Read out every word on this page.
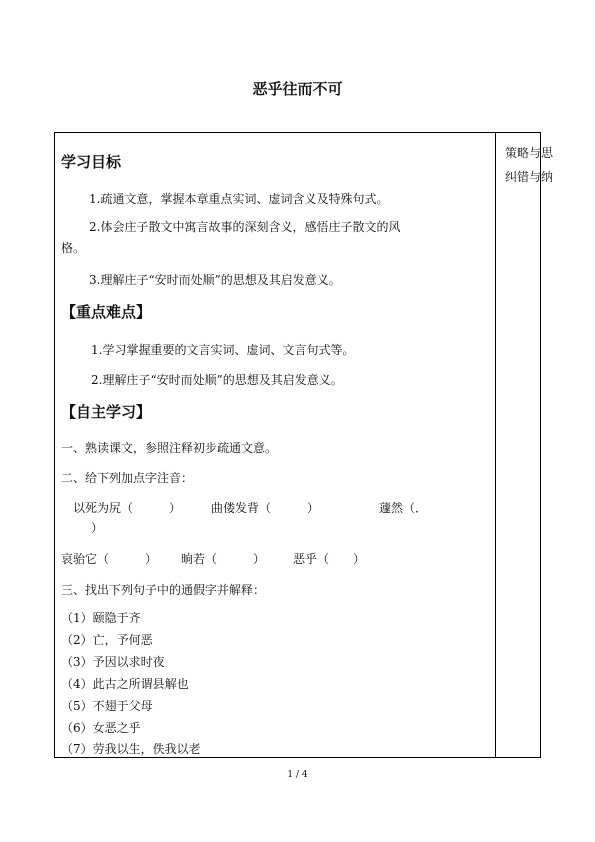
恶乎往而不可
策略与思
纠错与纳
学习目标
1.疏通文意，掌握本章重点实词、虚词含义及特殊句式。
2.体会庄子散文中寓言故事的深刻含义，感悟庄子散文的风格。
3.理解庄子“安时而处顺”的思想及其启发意义。
【重点难点】
1.学习掌握重要的文言实词、虚词、文言句式等。
2.理解庄子“安时而处顺”的思想及其启发意义。
【自主学习】
一、熟读课文，参照注释初步疏通文意。
二、给下列加点字注音：
以死为尻（　　　） 曲偻发背（　　　）	蘧然（．
）
哀骀它（　　　） 晌若（　　　） 恶乎（　　）
三、找出下列句子中的通假字并解释：
（1）颐隐于齐
（2）亡，予何恶
（3）予因以求时夜
（4）此古之所谓县解也
（5）不翅于父母
（6）女恶之乎
（7）劳我以生，佚我以老
1 / 4
